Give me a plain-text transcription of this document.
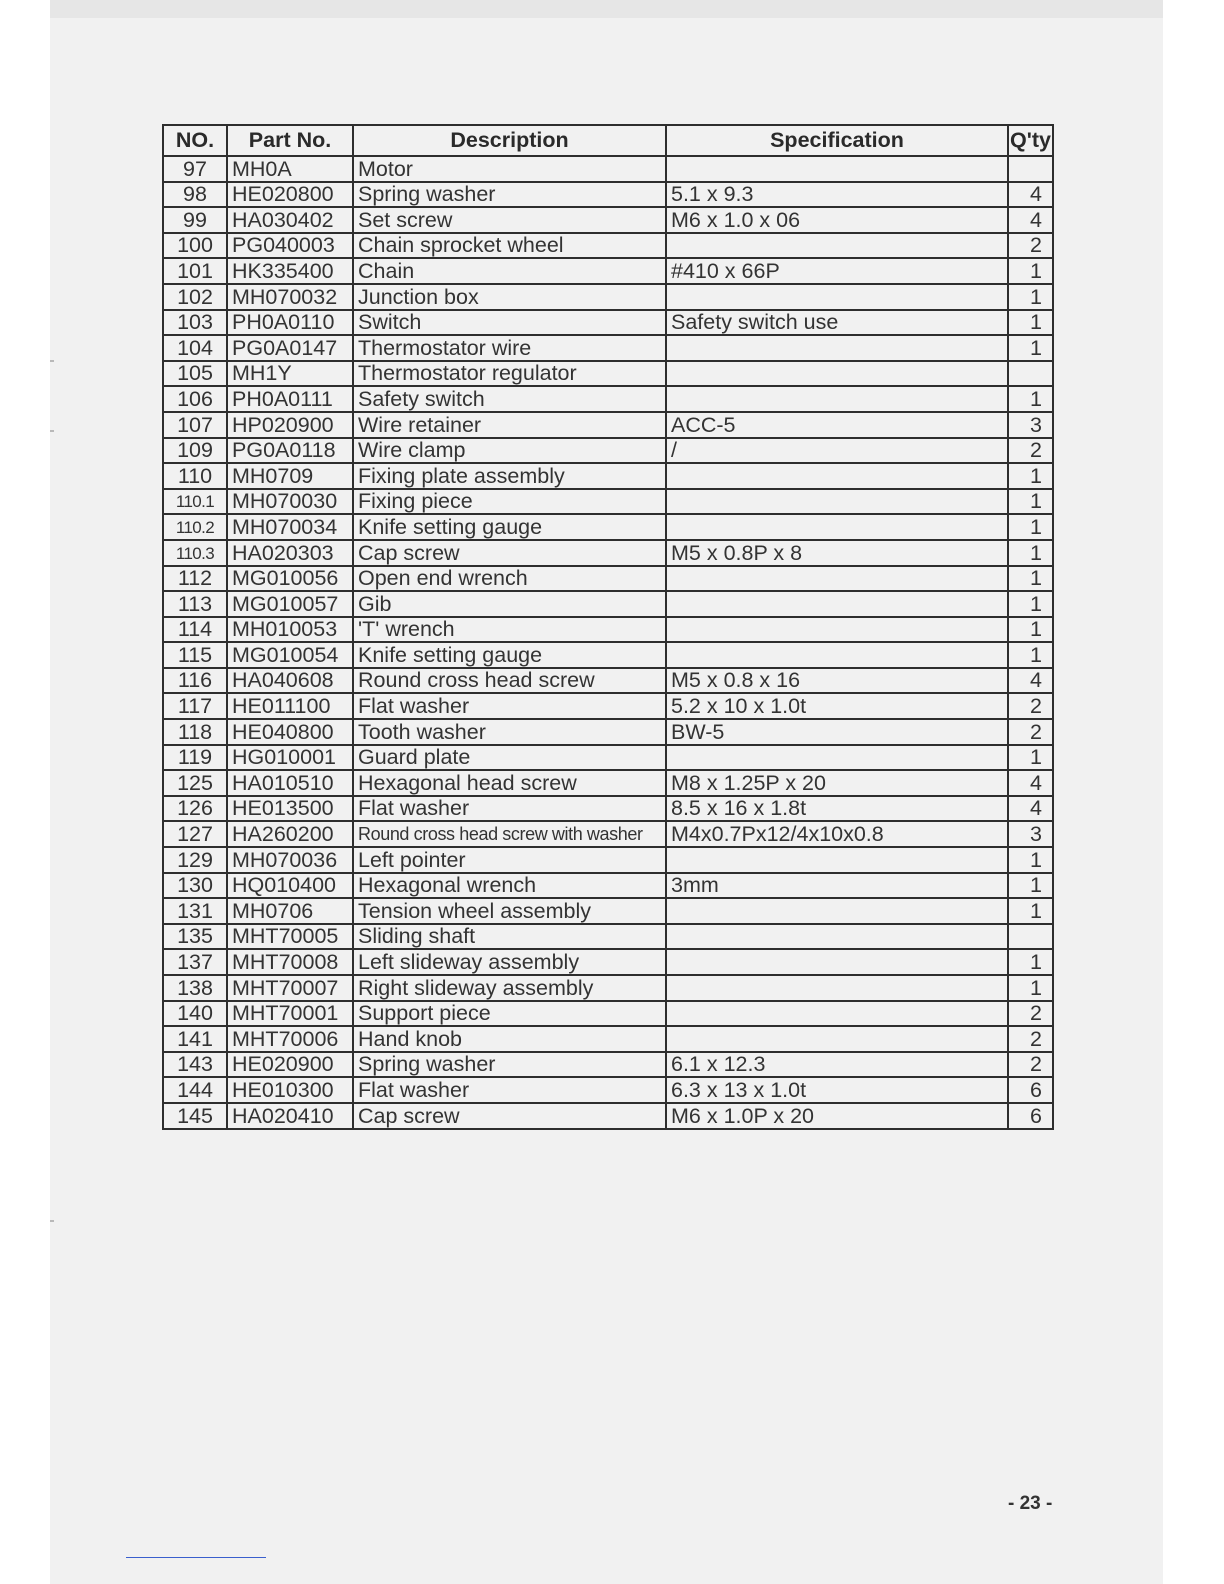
NO.	Part No.	Description	Specification	Q'ty
97	MH0A	Motor		
98	HE020800	Spring washer	5.1 x 9.3	4
99	HA030402	Set screw	M6 x 1.0 x 06	4
100	PG040003	Chain sprocket wheel		2
101	HK335400	Chain	#410 x 66P	1
102	MH070032	Junction box		1
103	PH0A0110	Switch	Safety switch use	1
104	PG0A0147	Thermostator wire		1
105	MH1Y	Thermostator regulator		
106	PH0A0111	Safety switch		1
107	HP020900	Wire retainer	ACC-5	3
109	PG0A0118	Wire clamp	/	2
110	MH0709	Fixing plate assembly		1
110.1	MH070030	Fixing piece		1
110.2	MH070034	Knife setting gauge		1
110.3	HA020303	Cap screw	M5 x 0.8P x 8	1
112	MG010056	Open end wrench		1
113	MG010057	Gib		1
114	MH010053	'T' wrench		1
115	MG010054	Knife setting gauge		1
116	HA040608	Round cross head screw	M5 x 0.8 x 16	4
117	HE011100	Flat washer	5.2 x 10 x 1.0t	2
118	HE040800	Tooth washer	BW-5	2
119	HG010001	Guard plate		1
125	HA010510	Hexagonal head screw	M8 x 1.25P x 20	4
126	HE013500	Flat washer	8.5 x 16 x 1.8t	4
127	HA260200	Round cross head screw with washer	M4x0.7Px12/4x10x0.8	3
129	MH070036	Left pointer		1
130	HQ010400	Hexagonal wrench	3mm	1
131	MH0706	Tension wheel assembly		1
135	MHT70005	Sliding shaft		
137	MHT70008	Left slideway assembly		1
138	MHT70007	Right slideway assembly		1
140	MHT70001	Support piece		2
141	MHT70006	Hand knob		2
143	HE020900	Spring washer	6.1 x 12.3	2
144	HE010300	Flat washer	6.3 x 13 x 1.0t	6
145	HA020410	Cap screw	M6 x 1.0P x 20	6
- 23 -
